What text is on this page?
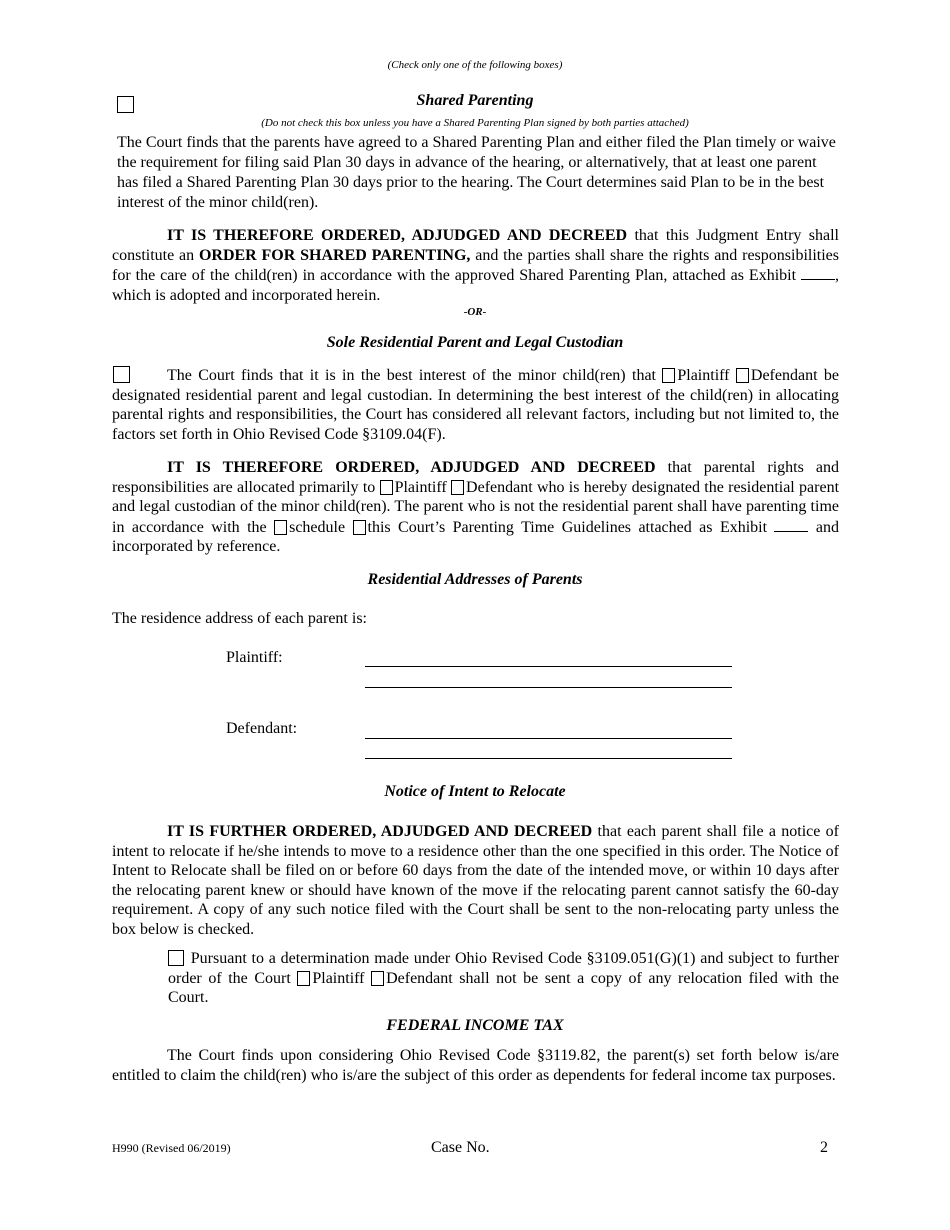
(Check only one of the following boxes)
Shared Parenting
(Do not check this box unless you have a Shared Parenting Plan signed by both parties attached)
The Court finds that the parents have agreed to a Shared Parenting Plan and either filed the Plan timely or waive the requirement for filing said Plan 30 days in advance of the hearing, or alternatively, that at least one parent has filed a Shared Parenting Plan 30 days prior to the hearing. The Court determines said Plan to be in the best interest of the minor child(ren).
IT IS THEREFORE ORDERED, ADJUDGED AND DECREED that this Judgment Entry shall constitute an ORDER FOR SHARED PARENTING, and the parties shall share the rights and responsibilities for the care of the child(ren) in accordance with the approved Shared Parenting Plan, attached as Exhibit , which is adopted and incorporated herein.
-OR-
Sole Residential Parent and Legal Custodian
The Court finds that it is in the best interest of the minor child(ren) that Plaintiff Defendant be designated residential parent and legal custodian. In determining the best interest of the child(ren) in allocating parental rights and responsibilities, the Court has considered all relevant factors, including but not limited to, the factors set forth in Ohio Revised Code §3109.04(F).
IT IS THEREFORE ORDERED, ADJUDGED AND DECREED that parental rights and responsibilities are allocated primarily to Plaintiff Defendant who is hereby designated the residential parent and legal custodian of the minor child(ren). The parent who is not the residential parent shall have parenting time in accordance with the schedule this Court’s Parenting Time Guidelines attached as Exhibit  and incorporated by reference.
Residential Addresses of Parents
The residence address of each parent is:
Plaintiff:
Defendant:
Notice of Intent to Relocate
IT IS FURTHER ORDERED, ADJUDGED AND DECREED that each parent shall file a notice of intent to relocate if he/she intends to move to a residence other than the one specified in this order. The Notice of Intent to Relocate shall be filed on or before 60 days from the date of the intended move, or within 10 days after the relocating parent knew or should have known of the move if the relocating parent cannot satisfy the 60-day requirement. A copy of any such notice filed with the Court shall be sent to the non-relocating party unless the box below is checked.
Pursuant to a determination made under Ohio Revised Code §3109.051(G)(1) and subject to further order of the Court Plaintiff Defendant shall not be sent a copy of any relocation filed with the Court.
FEDERAL INCOME TAX
The Court finds upon considering Ohio Revised Code §3119.82, the parent(s) set forth below is/are entitled to claim the child(ren) who is/are the subject of this order as dependents for federal income tax purposes.
H990 (Revised 06/2019)	Case No.	2
